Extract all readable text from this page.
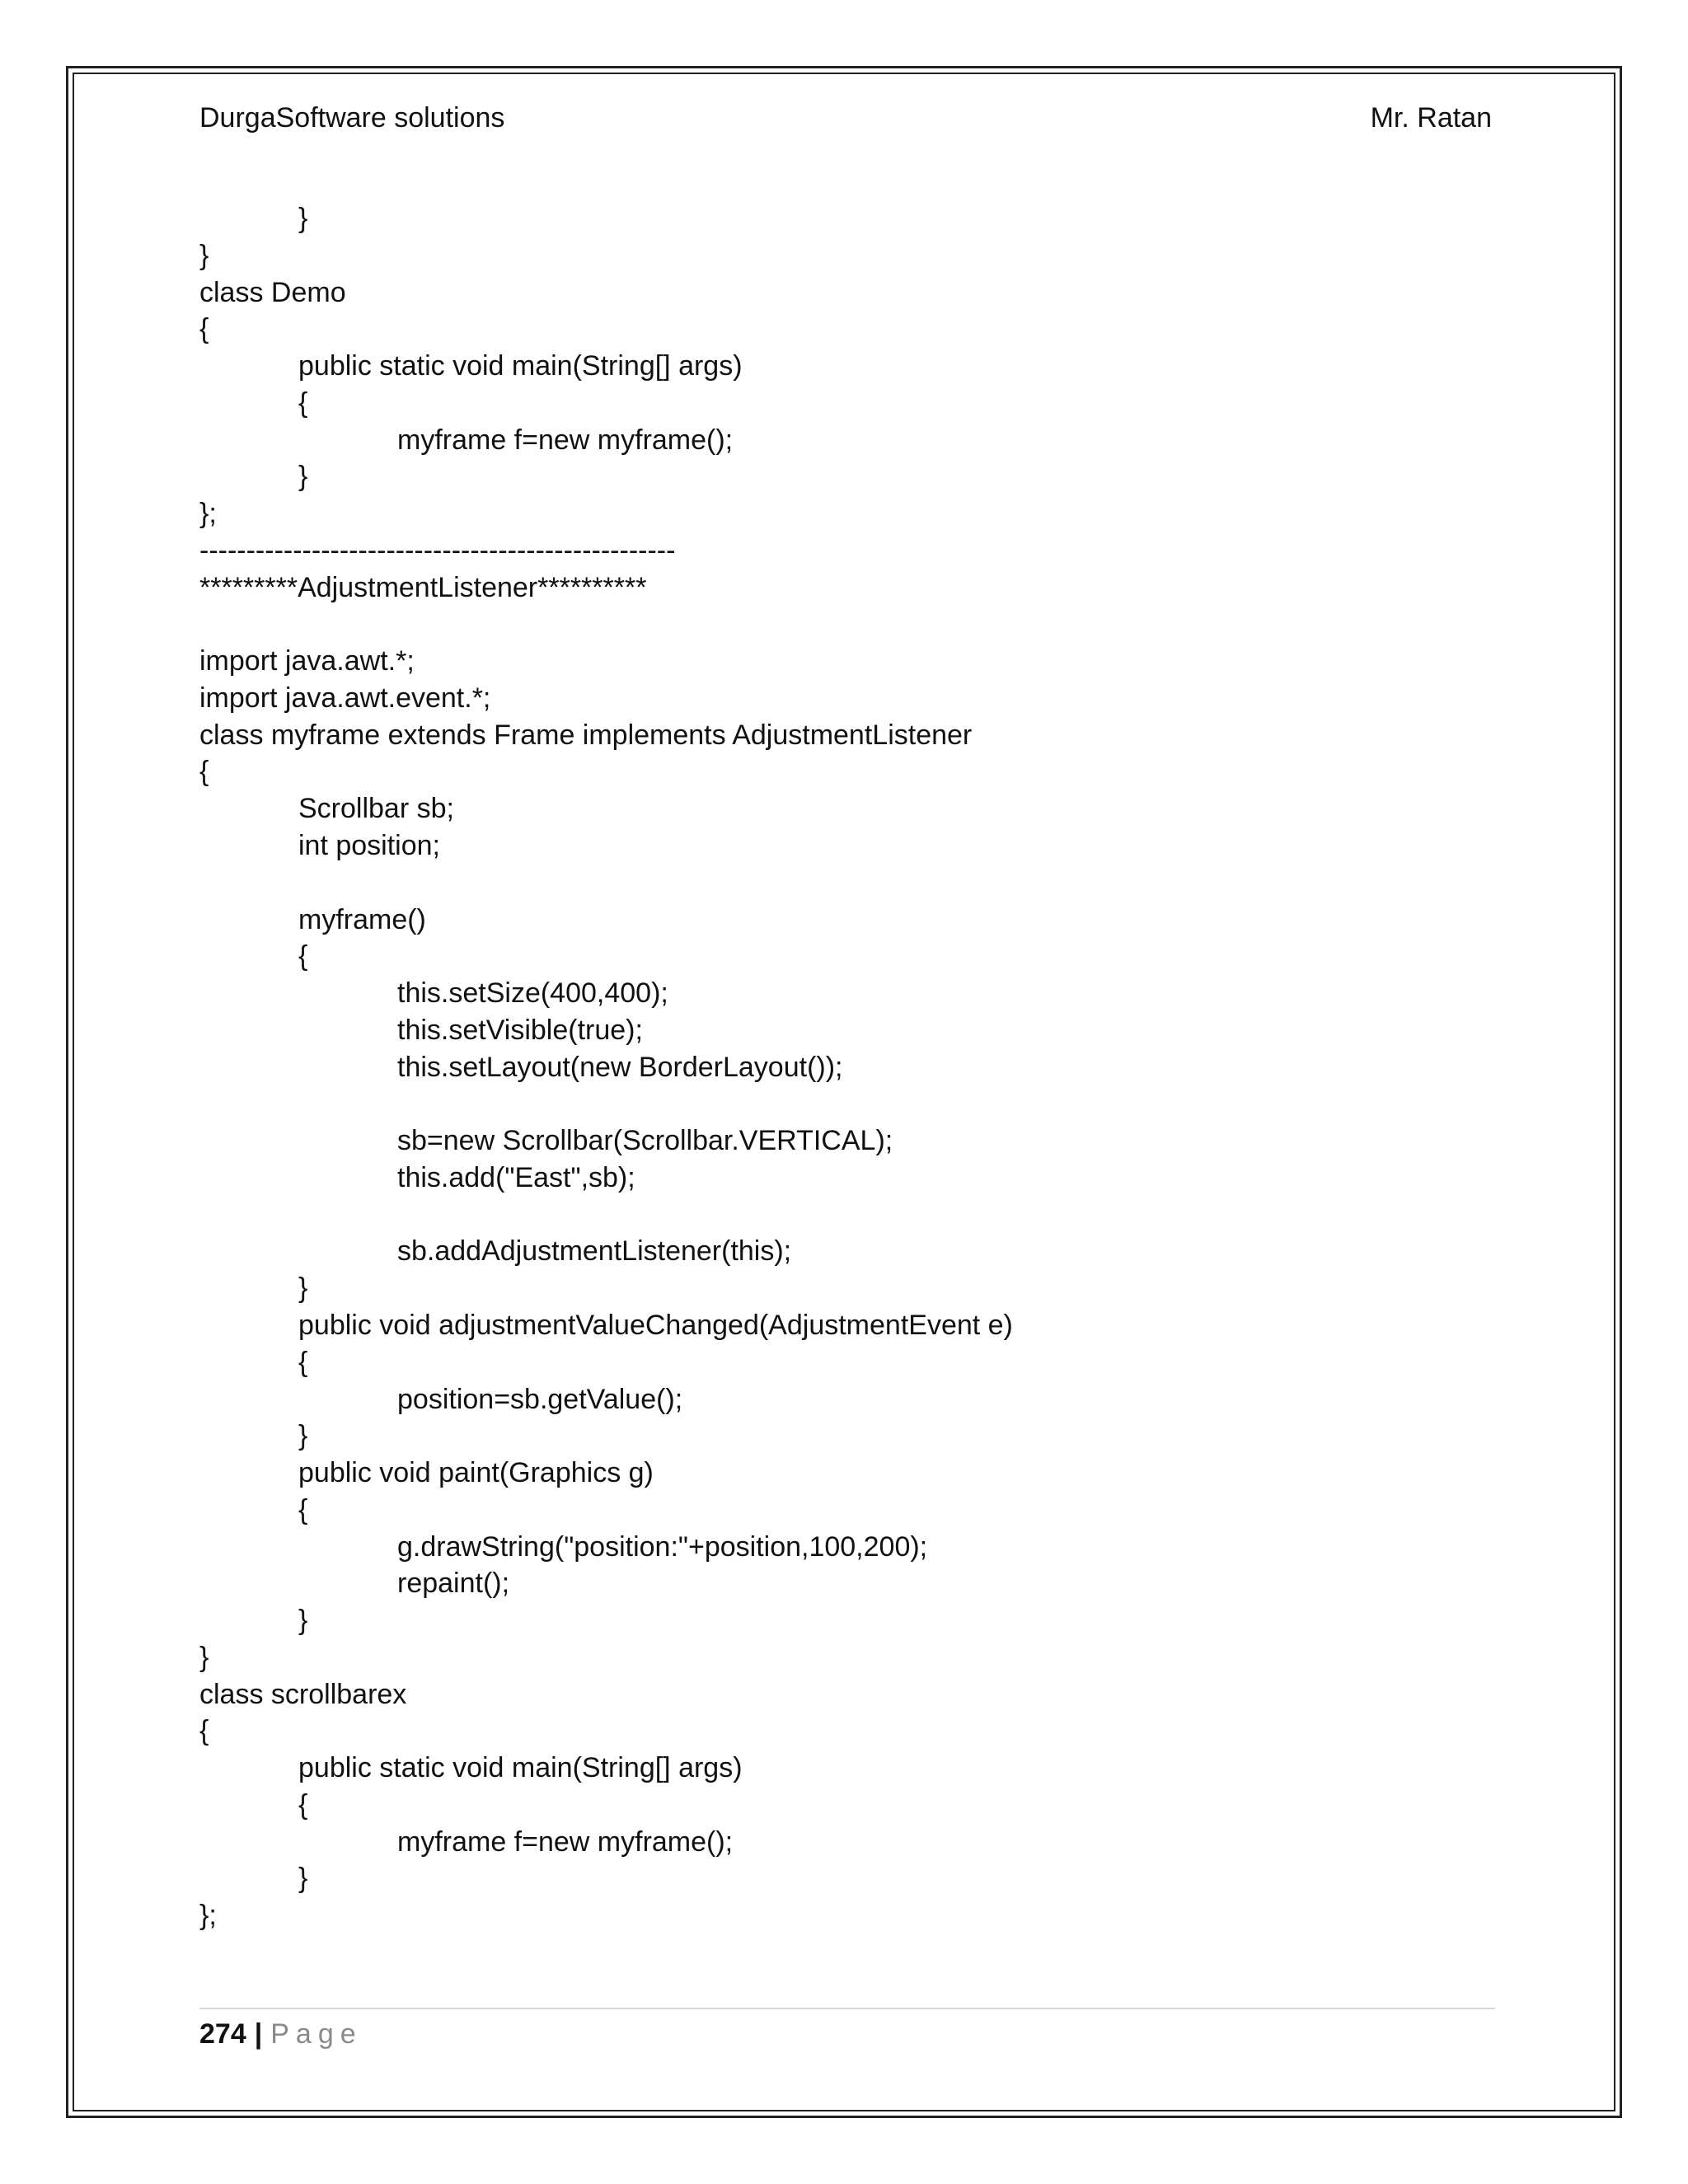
DurgaSoftware solutions	Mr. Ratan
}
}
class Demo
{
public static void main(String[] args)
{
myframe f=new myframe();
}
};
---------------------------------------------------
*********AdjustmentListener**********
import java.awt.*;
import java.awt.event.*;
class myframe extends Frame implements AdjustmentListener
{
Scrollbar sb;
int position;
myframe()
{
this.setSize(400,400);
this.setVisible(true);
this.setLayout(new BorderLayout());
sb=new Scrollbar(Scrollbar.VERTICAL);
this.add("East",sb);
sb.addAdjustmentListener(this);
}
public void adjustmentValueChanged(AdjustmentEvent e)
{
position=sb.getValue();
}
public void paint(Graphics g)
{
g.drawString("position:"+position,100,200);
repaint();
}
}
class scrollbarex
{
public static void main(String[] args)
{
myframe f=new myframe();
}
};
274 | Page
